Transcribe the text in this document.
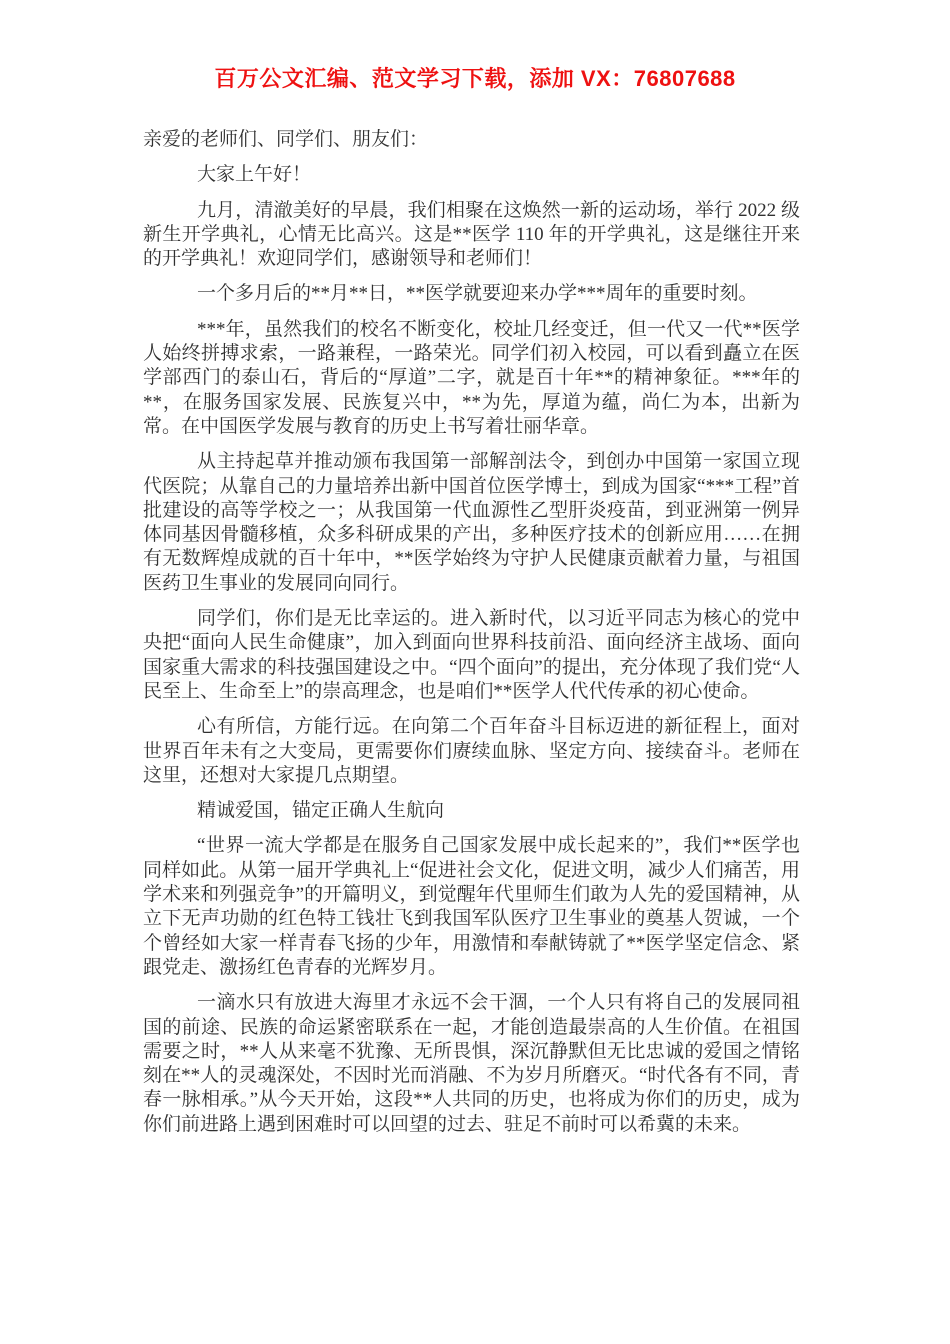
百万公文汇编、范文学习下载，添加 VX：76807688

亲爱的老师们、同学们、朋友们：

大家上午好！

九月，清澈美好的早晨，我们相聚在这焕然一新的运动场，举行 2022 级新生开学典礼，心情无比高兴。这是**医学 110 年的开学典礼，这是继往开来的开学典礼！欢迎同学们，感谢领导和老师们！

一个多月后的**月**日，**医学就要迎来办学***周年的重要时刻。

***年，虽然我们的校名不断变化，校址几经变迁，但一代又一代**医学人始终拼搏求索，一路兼程，一路荣光。同学们初入校园，可以看到矗立在医学部西门的泰山石，背后的“厚道”二字，就是百十年**的精神象征。***年的**，在服务国家发展、民族复兴中，**为先，厚道为蕴，尚仁为本，出新为常。在中国医学发展与教育的历史上书写着壮丽华章。

从主持起草并推动颁布我国第一部解剖法令，到创办中国第一家国立现代医院；从靠自己的力量培养出新中国首位医学博士，到成为国家“***工程”首批建设的高等学校之一；从我国第一代血源性乙型肝炎疫苗，到亚洲第一例异体同基因骨髓移植，众多科研成果的产出，多种医疗技术的创新应用……在拥有无数辉煌成就的百十年中，**医学始终为守护人民健康贡献着力量，与祖国医药卫生事业的发展同向同行。

同学们，你们是无比幸运的。进入新时代，以习近平同志为核心的党中央把“面向人民生命健康”，加入到面向世界科技前沿、面向经济主战场、面向国家重大需求的科技强国建设之中。“四个面向”的提出，充分体现了我们党“人民至上、生命至上”的崇高理念，也是咱们**医学人代代传承的初心使命。

心有所信，方能行远。在向第二个百年奋斗目标迈进的新征程上，面对世界百年未有之大变局，更需要你们赓续血脉、坚定方向、接续奋斗。老师在这里，还想对大家提几点期望。

精诚爱国，锚定正确人生航向

“世界一流大学都是在服务自己国家发展中成长起来的”，我们**医学也同样如此。从第一届开学典礼上“促进社会文化，促进文明，减少人们痛苦，用学术来和列强竞争”的开篇明义，到觉醒年代里师生们敢为人先的爱国精神，从立下无声功勋的红色特工钱壮飞到我国军队医疗卫生事业的奠基人贺诚，一个个曾经如大家一样青春飞扬的少年，用激情和奉献铸就了**医学坚定信念、紧跟党走、激扬红色青春的光辉岁月。

一滴水只有放进大海里才永远不会干涸，一个人只有将自己的发展同祖国的前途、民族的命运紧密联系在一起，才能创造最崇高的人生价值。在祖国需要之时，**人从来毫不犹豫、无所畏惧，深沉静默但无比忠诚的爱国之情铭刻在**人的灵魂深处，不因时光而消融、不为岁月所磨灭。“时代各有不同，青春一脉相承。”从今天开始，这段**人共同的历史，也将成为你们的历史，成为你们前进路上遇到困难时可以回望的过去、驻足不前时可以希冀的未来。
